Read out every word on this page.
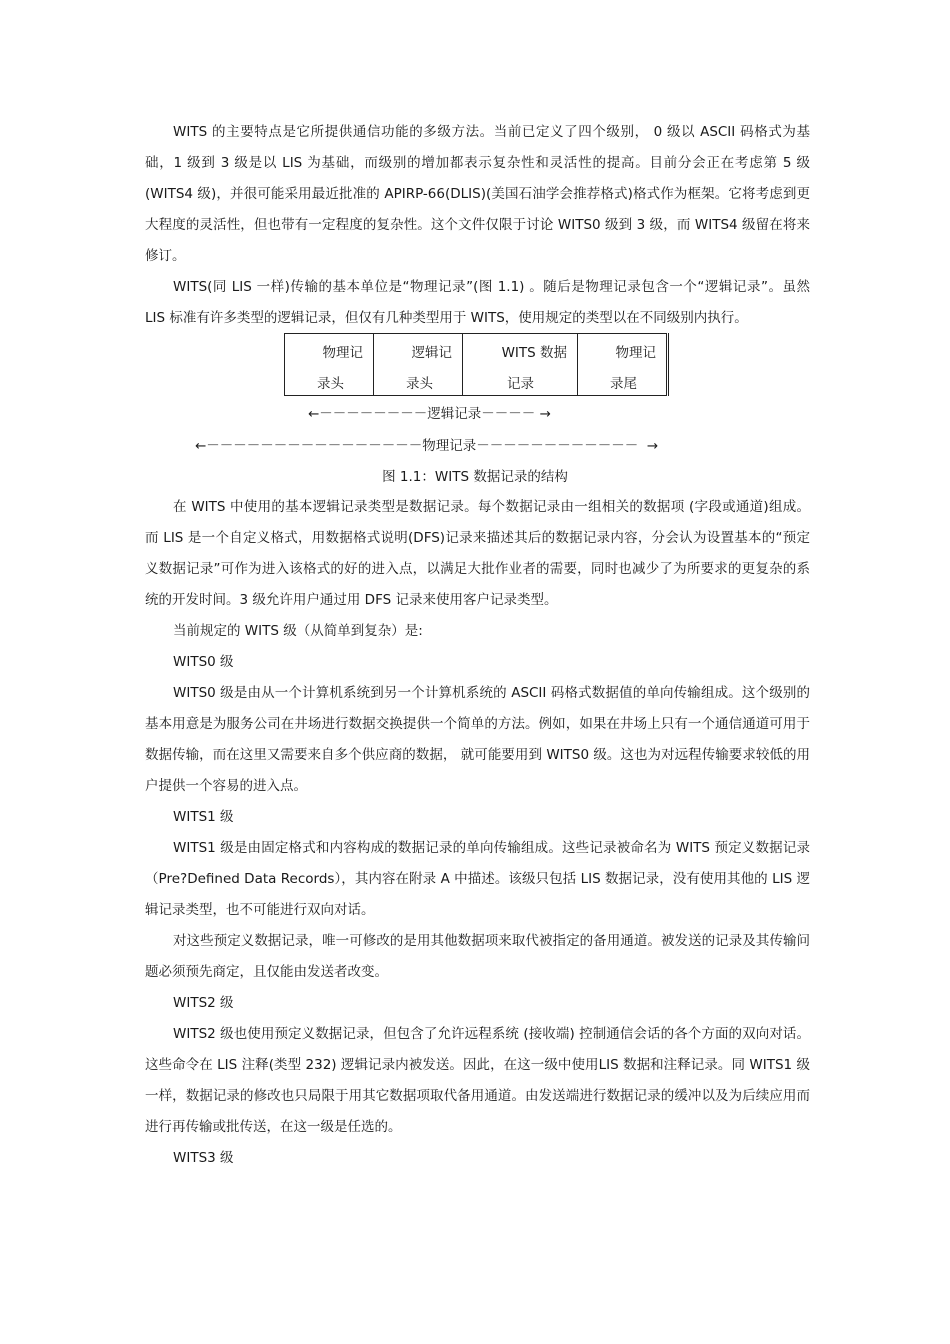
WITS 的主要特点是它所提供通信功能的多级方法。当前已定义了四个级别， 0 级以 ASCII 码格式为基础，1 级到 3 级是以 LIS 为基础，而级别的增加都表示复杂性和灵活性的提高。目前分会正在考虑第 5 级(WITS4 级)，并很可能采用最近批准的 APIRP-66(DLIS)(美国石油学会推荐格式)格式作为框架。它将考虑到更大程度的灵活性，但也带有一定程度的复杂性。这个文件仅限于讨论 WITS0 级到 3 级，而 WITS4 级留在将来修订。

WITS(同 LIS 一样)传输的基本单位是“物理记录”(图 1.1) 。随后是物理记录包含一个“逻辑记录”。虽然 LIS 标准有许多类型的逻辑记录，但仅有几种类型用于 WITS，使用规定的类型以在不同级别内执行。

物理记
录头

逻辑记
录头

WITS 数据
记录

物理记
录尾
←－－－－－－－－逻辑记录－－－－ →
←－－－－－－－－－－－－－－－－物理记录－－－－－－－－－－－－  →
图 1.1：WITS 数据记录的结构

在 WITS 中使用的基本逻辑记录类型是数据记录。每个数据记录由一组相关的数据项 (字段或通道)组成。而 LIS 是一个自定义格式，用数据格式说明(DFS)记录来描述其后的数据记录内容，分会认为设置基本的“预定义数据记录”可作为进入该格式的好的进入点，以满足大批作业者的需要，同时也减少了为所要求的更复杂的系统的开发时间。3 级允许用户通过用 DFS 记录来使用客户记录类型。

当前规定的 WITS 级（从简单到复杂）是:

WITS0 级

WITS0 级是由从一个计算机系统到另一个计算机系统的 ASCII 码格式数据值的单向传输组成。这个级别的基本用意是为服务公司在井场进行数据交换提供一个简单的方法。例如，如果在井场上只有一个通信通道可用于数据传输，而在这里又需要来自多个供应商的数据， 就可能要用到 WITS0 级。这也为对远程传输要求较低的用户提供一个容易的进入点。

WITS1 级

WITS1 级是由固定格式和内容构成的数据记录的单向传输组成。这些记录被命名为 WITS 预定义数据记录（Pre?Defined Data Records），其内容在附录 A 中描述。该级只包括 LIS 数据记录，没有使用其他的 LIS 逻辑记录类型，也不可能进行双向对话。

对这些预定义数据记录，唯一可修改的是用其他数据项来取代被指定的备用通道。被发送的记录及其传输问题必须预先商定，且仅能由发送者改变。

WITS2 级

WITS2 级也使用预定义数据记录，但包含了允许远程系统 (接收端) 控制通信会话的各个方面的双向对话。这些命令在 LIS 注释(类型 232) 逻辑记录内被发送。因此，在这一级中使用LIS 数据和注释记录。同 WITS1 级一样，数据记录的修改也只局限于用其它数据项取代备用通道。由发送端进行数据记录的缓冲以及为后续应用而进行再传输或批传送，在这一级是任选的。

WITS3 级
